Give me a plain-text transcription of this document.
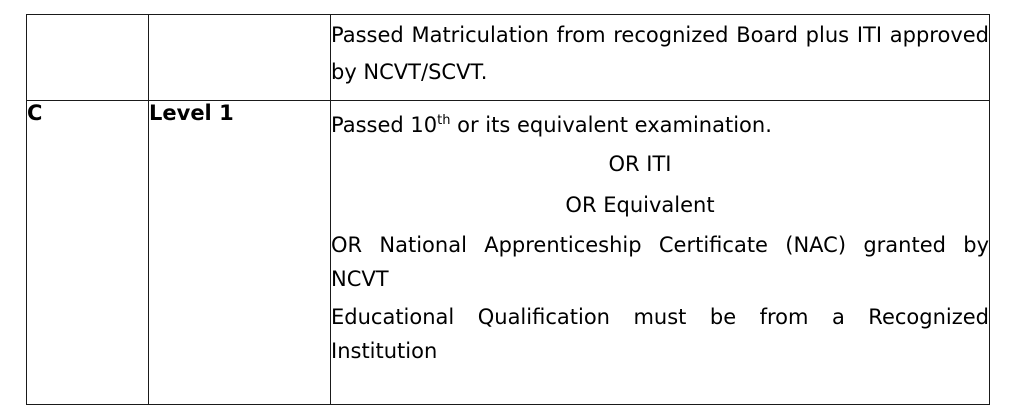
		Passed Matriculation from recognized Board plus ITI approved by NCVT/SCVT.

C	Level 1	Passed 10th or its equivalent examination.

OR ITI

OR Equivalent

OR National Apprenticeship Certificate (NAC) granted by NCVT

Educational Qualification must be from a Recognized Institution
